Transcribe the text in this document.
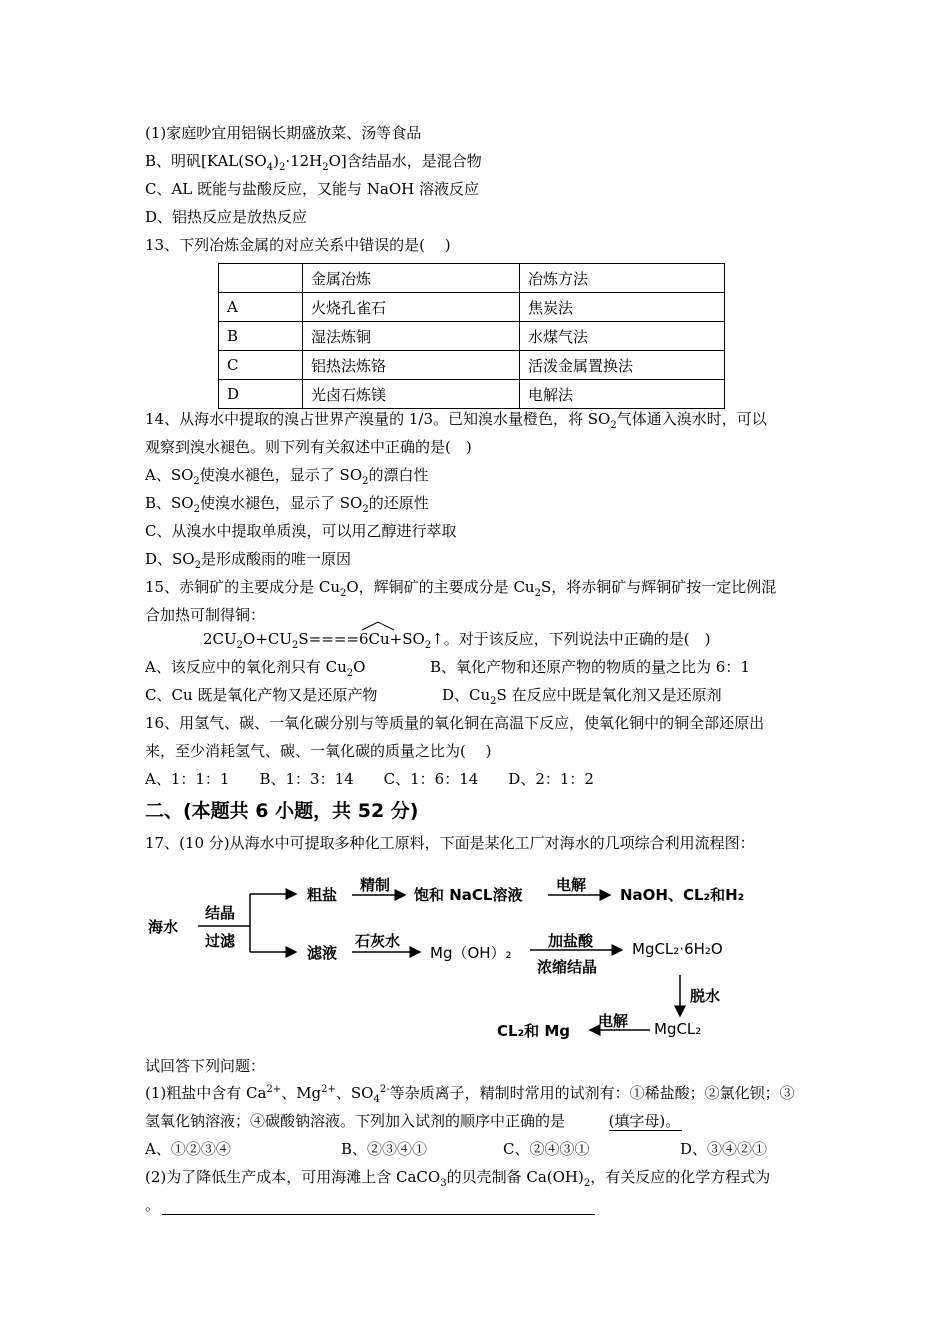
(1)家庭吵宜用铝锅长期盛放菜、汤等食品
B、明矾$[KAL(SO_4)_2\cdot 12H_2O]$含结晶水，是混合物
C、AL 既能与盐酸反应，又能与 NaOH 溶液反应
D、铝热反应是放热反应
13、下列冶炼金属的对应关系中错误的是(　 )
	金属冶炼	冶炼方法
A	火烧孔雀石	焦炭法
B	湿法炼铜	水煤气法
C	铝热法炼铬	活泼金属置换法
D	光卤石炼镁	电解法
14、从海水中提取的溴占世界产溴量的 1/3。已知溴水量橙色，将 $SO_2$气体通入溴水时，可以
观察到溴水褪色。则下列有关叙述中正确的是(　)
A、$SO_2$使溴水褪色，显示了 $SO_2$的漂白性
B、$SO_2$使溴水褪色，显示了 $SO_2$的还原性
C、从溴水中提取单质溴，可以用乙醇进行萃取
D、$SO_2$是形成酸雨的唯一原因
15、赤铜矿的主要成分是 $Cu_2O$，辉铜矿的主要成分是 $Cu_2S$，将赤铜矿与辉铜矿按一定比例混
合加热可制得铜：
$2CU_2O+CU_2S====6Cu+SO_2↑$。对于该反应，下列说法中正确的是(　)
A、该反应中的氧化剂只有 $Cu_2O$	B、氧化产物和还原产物的物质的量之比为 6：1
C、Cu 既是氧化产物又是还原产物	D、$Cu_2S$ 在反应中既是氧化剂又是还原剂
16、用氢气、碳、一氧化碳分别与等质量的氧化铜在高温下反应，使氧化铜中的铜全部还原出
来，至少消耗氢气、碳、一氧化碳的质量之比为(　 )
A、1：1：1　　B、1：3：14　　C、1：6：14　　D、2：1：2
二、(本题共 6 小题，共 52 分)
17、(10 分)从海水中可提取多种化工原料，下面是某化工厂对海水的几项综合利用流程图：
海水
结晶
过滤
粗盐
精制
饱和 NaCL溶液
电解
NaOH、CL₂和H₂
滤液
石灰水
Mg（OH）₂
加盐酸
浓缩结晶
MgCL₂·6H₂O
脱水
MgCL₂
电解
CL₂和 Mg
试回答下列问题：
(1)粗盐中含有 $Ca^{2+}$、$Mg^{2+}$、$SO_4^{2-}$等杂质离子，精制时常用的试剂有：①稀盐酸；②氯化钡；③
氢氧化钠溶液；④碳酸钠溶液。下列加入试剂的顺序中正确的是	(填字母)。
A、①②③④	B、②③④①	C、②④③①	D、③④②①
(2)为了降低生产成本，可用海滩上含 CaCO$_3$的贝壳制备 $Ca(OH)_2$，有关反应的化学方程式为
。
